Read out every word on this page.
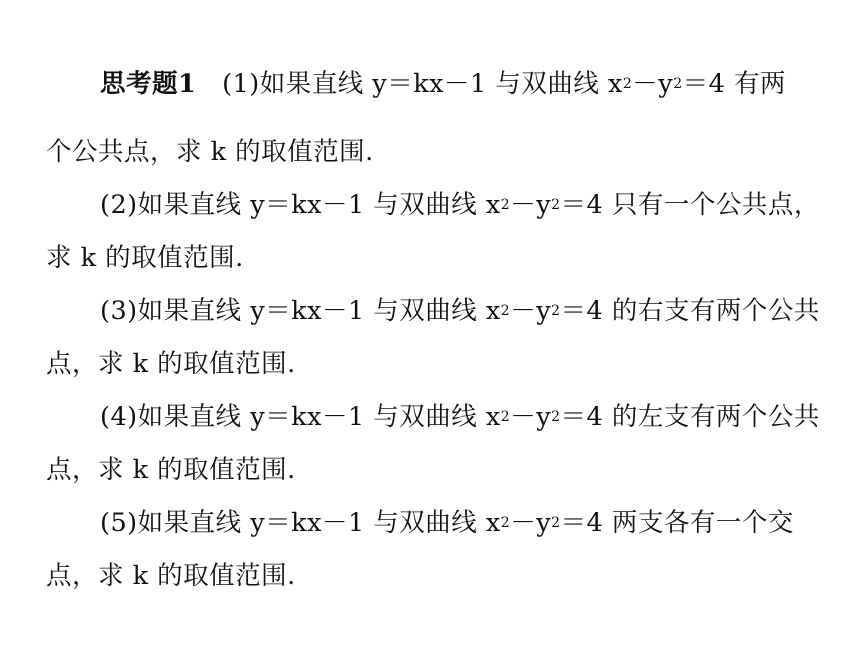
思考题1 (1)如果直线 y＝kx－1 与双曲线 $x^2-y^2=4$ 有两
个公共点，求 k 的取值范围.
(2)如果直线 y＝kx－1 与双曲线 $x^2-y^2=4$ 只有一个公共点，
求 k 的取值范围.
(3)如果直线 y＝kx－1 与双曲线 $x^2-y^2=4$ 的右支有两个公共
点，求 k 的取值范围.
(4)如果直线 y＝kx－1 与双曲线 $x^2-y^2=4$ 的左支有两个公共
点，求 k 的取值范围.
(5)如果直线 y＝kx－1 与双曲线 $x^2-y^2=4$ 两支各有一个交
点，求 k 的取值范围.
